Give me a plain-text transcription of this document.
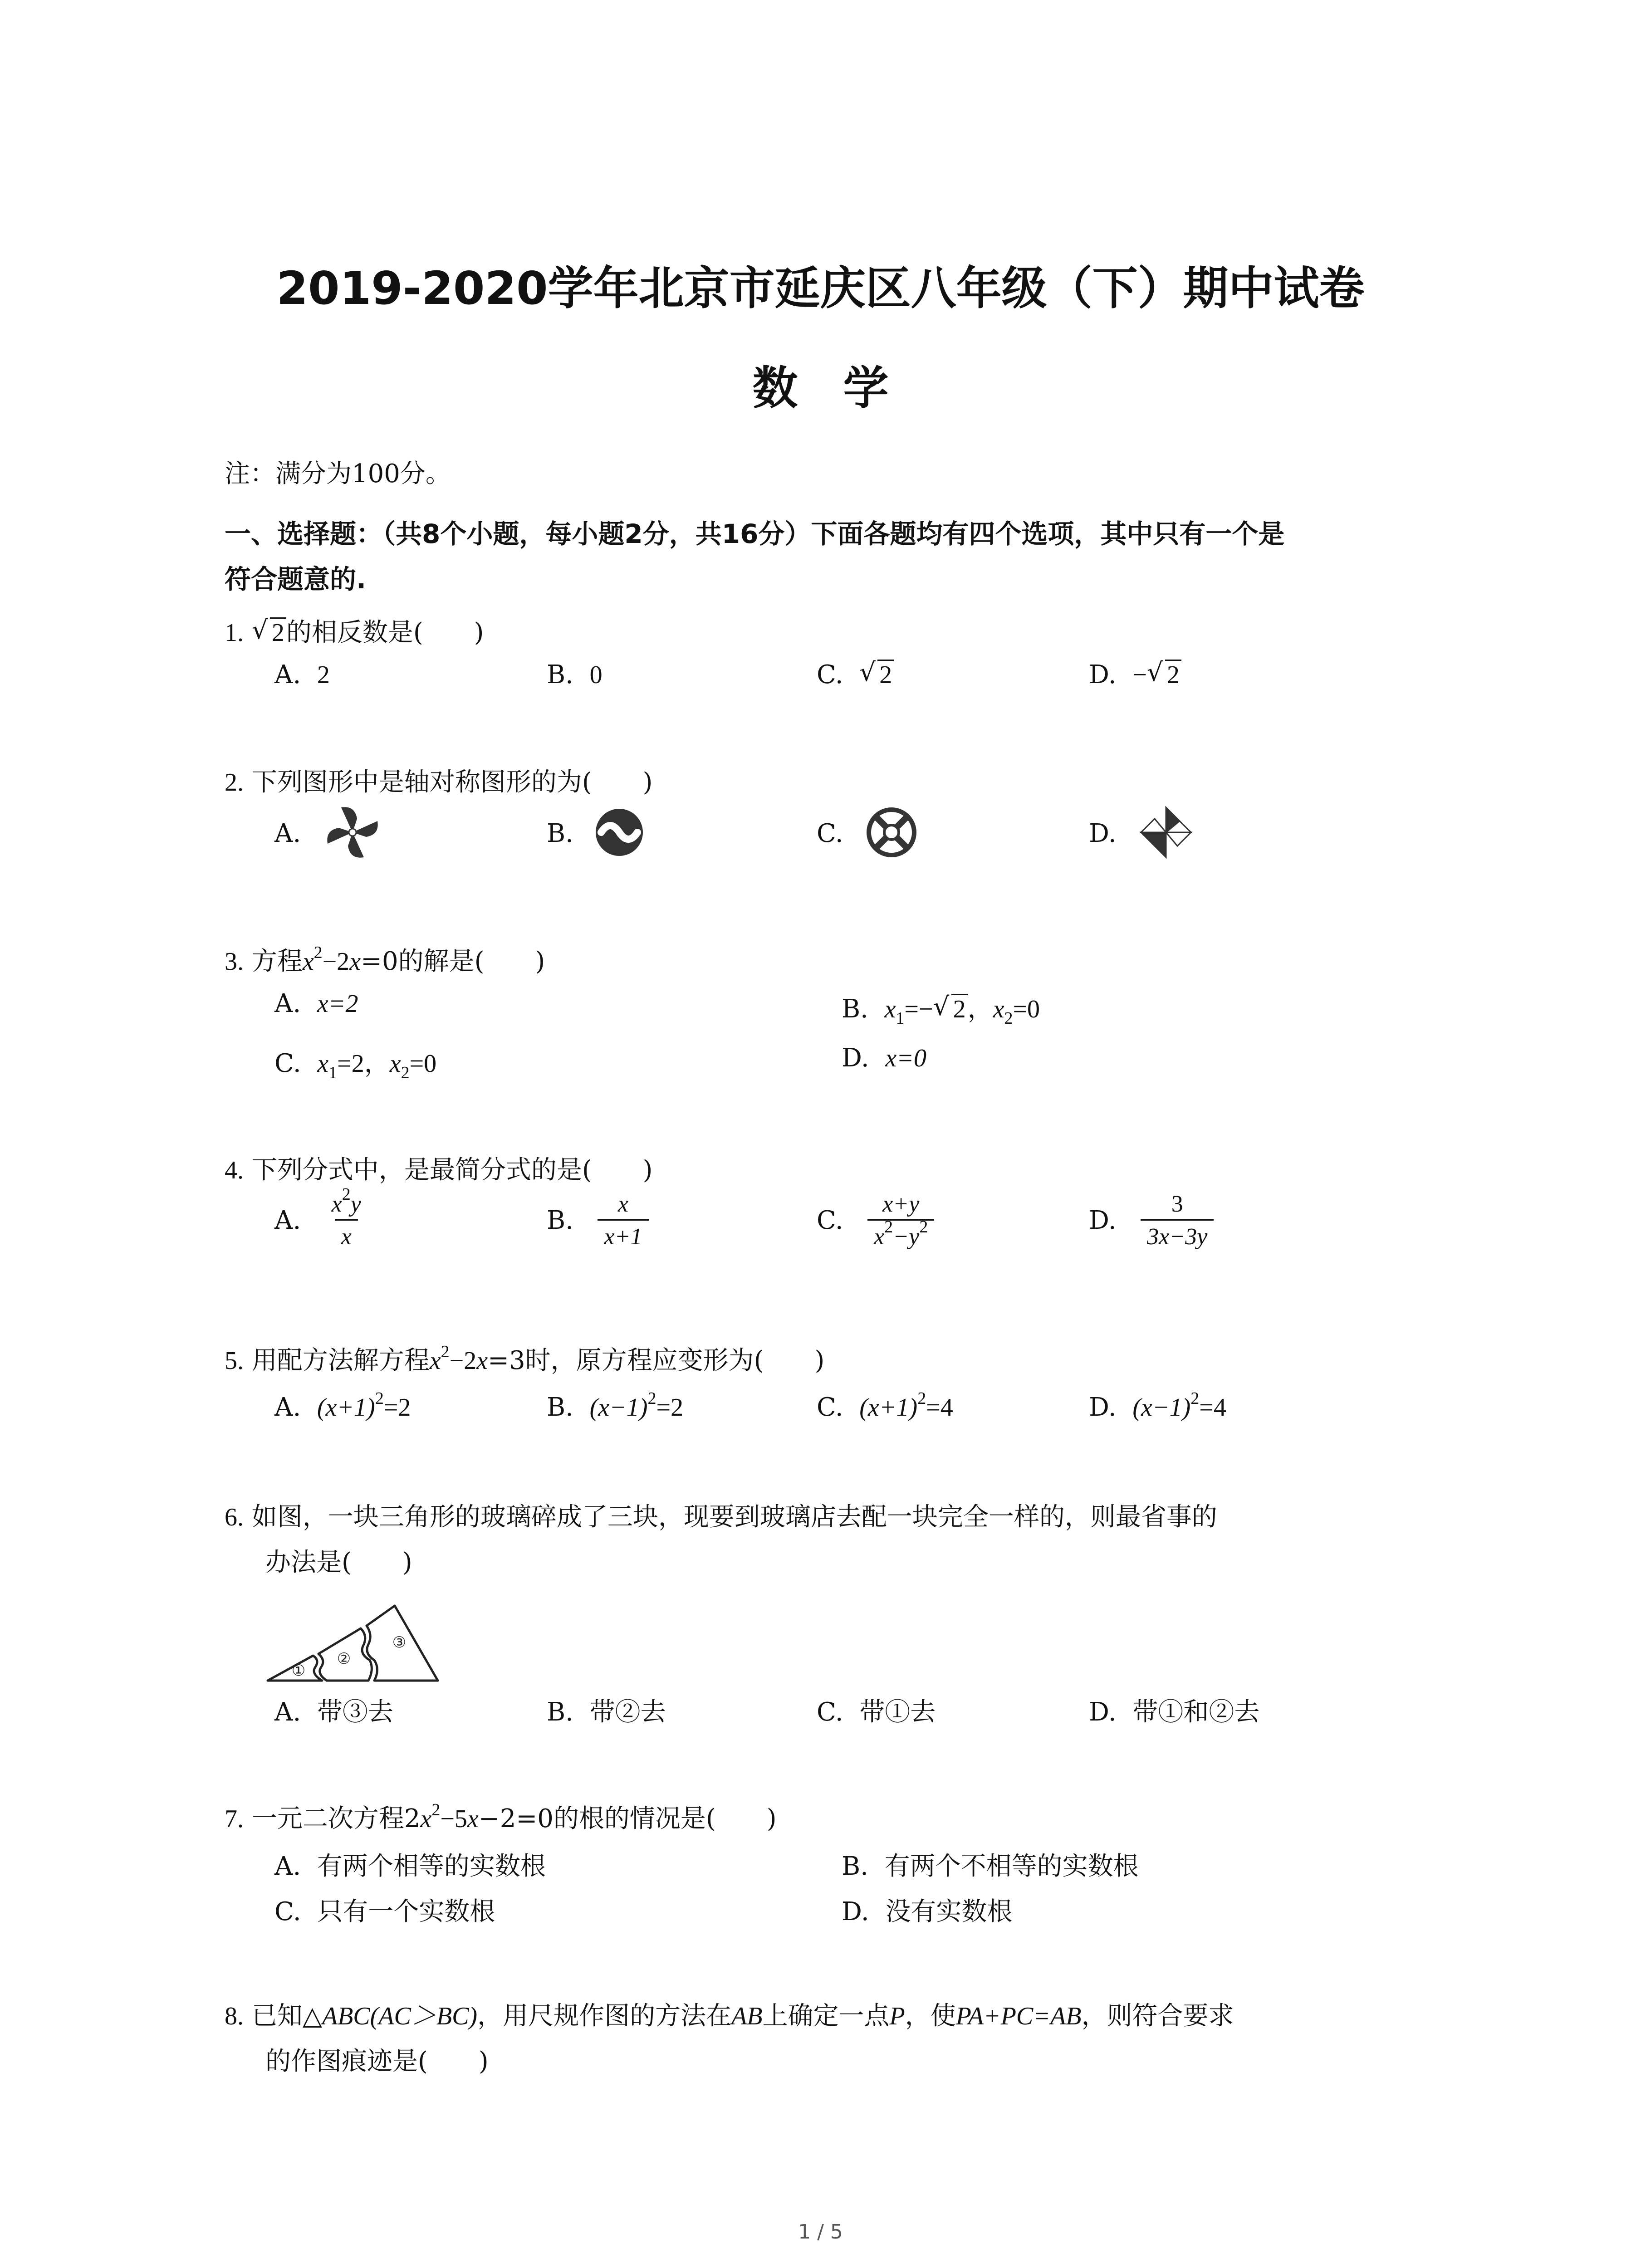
2019-2020学年北京市延庆区八年级（下）期中试卷
数学
注：满分为100分。
一、选择题：（共8个小题，每小题2分，共16分）下面各题均有四个选项，其中只有一个是
符合题意的.
1. √ 2的相反数是(　　)
A. 2	B. 0	C.  √ 2	D. −√ 2
2. 下列图形中是轴对称图形的为(　　)
A.	B.	C.	D.
3. 方程$x^2-2x=0$的解是(　　)
A. x=2	B. $x_1=-√$ 2，$x_2=0$
C. $x_1=2$，$x_2=0$	D. x=0
4. 下列分式中，是最简分式的是(　　)
A. $\frac{x^2y}{x}$	B. $\frac{x}{x+1}$	C. $\frac{x+y}{x^2-y^2}$	D. $\frac{3}{3x-3y}$
5. 用配方法解方程$x^2-2x=3$时，原方程应变形为(　　)
A. $(x+1)^2=2$	B. $(x-1)^2=2$	C. $(x+1)^2=4$	D. $(x-1)^2=4$
6. 如图，一块三角形的玻璃碎成了三块，现要到玻璃店去配一块完全一样的，则最省事的
办法是(　　)
①
②
③
A. 带③去	B. 带②去	C. 带①去	D. 带①和②去
7. 一元二次方程$2x^2-5x-2=0$的根的情况是(　　)
A. 有两个相等的实数根	B. 有两个不相等的实数根
C. 只有一个实数根	D. 没有实数根
8. 已知△ABC(AC＞BC)，用尺规作图的方法在AB上确定一点P，使PA+PC=AB，则符合要求
的作图痕迹是(　　)
1 / 5
